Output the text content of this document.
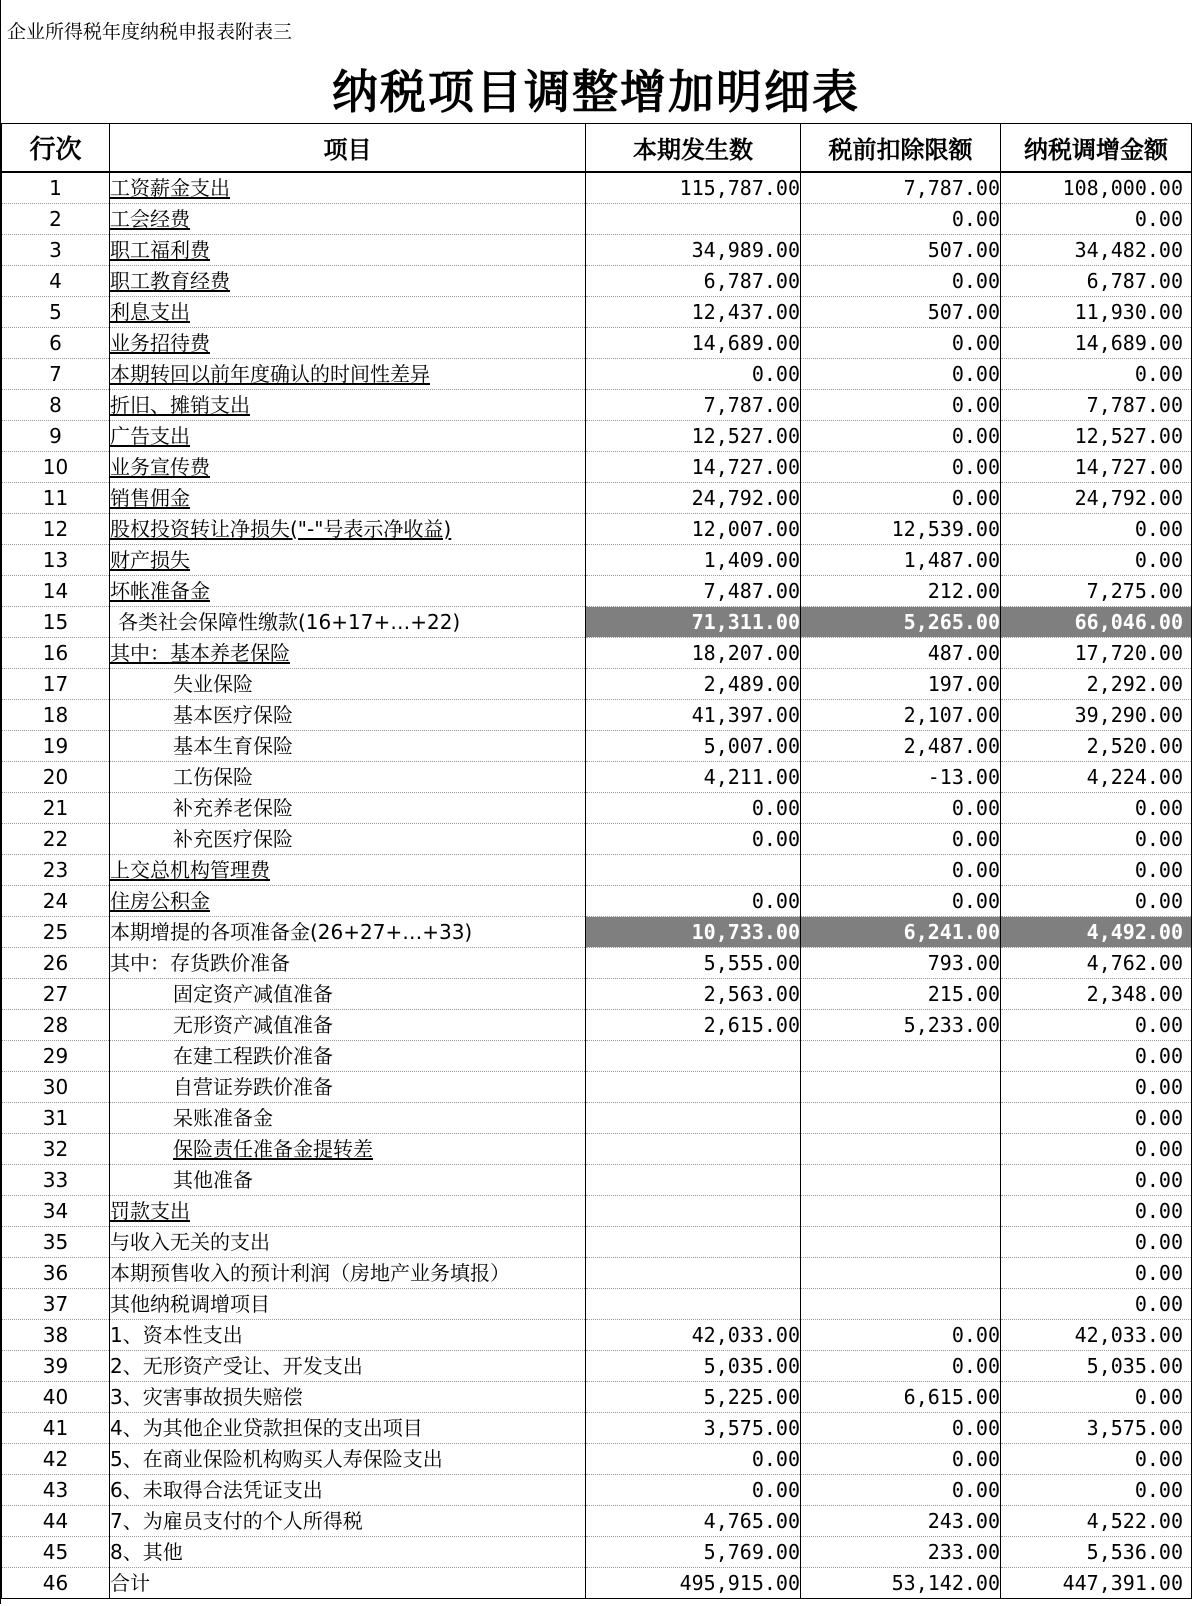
企业所得税年度纳税申报表附表三
纳税项目调整增加明细表
行次	项目	本期发生数	税前扣除限额	纳税调增金额
1	工资薪金支出	115,787.00	7,787.00	108,000.00
2	工会经费		0.00	0.00
3	职工福利费	34,989.00	507.00	34,482.00
4	职工教育经费	6,787.00	0.00	6,787.00
5	利息支出	12,437.00	507.00	11,930.00
6	业务招待费	14,689.00	0.00	14,689.00
7	本期转回以前年度确认的时间性差异	0.00	0.00	0.00
8	折旧、摊销支出	7,787.00	0.00	7,787.00
9	广告支出	12,527.00	0.00	12,527.00
10	业务宣传费	14,727.00	0.00	14,727.00
11	销售佣金	24,792.00	0.00	24,792.00
12	股权投资转让净损失("-"号表示净收益)	12,007.00	12,539.00	0.00
13	财产损失	1,409.00	1,487.00	0.00
14	坏帐准备金	7,487.00	212.00	7,275.00
15	各类社会保障性缴款(16+17+…+22)	71,311.00	5,265.00	66,046.00
16	其中：基本养老保险	18,207.00	487.00	17,720.00
17	失业保险	2,489.00	197.00	2,292.00
18	基本医疗保险	41,397.00	2,107.00	39,290.00
19	基本生育保险	5,007.00	2,487.00	2,520.00
20	工伤保险	4,211.00	-13.00	4,224.00
21	补充养老保险	0.00	0.00	0.00
22	补充医疗保险	0.00	0.00	0.00
23	上交总机构管理费		0.00	0.00
24	住房公积金	0.00	0.00	0.00
25	本期增提的各项准备金(26+27+…+33)	10,733.00	6,241.00	4,492.00
26	其中：存货跌价准备	5,555.00	793.00	4,762.00
27	固定资产减值准备	2,563.00	215.00	2,348.00
28	无形资产减值准备	2,615.00	5,233.00	0.00
29	在建工程跌价准备			0.00
30	自营证券跌价准备			0.00
31	呆账准备金			0.00
32	保险责任准备金提转差			0.00
33	其他准备			0.00
34	罚款支出			0.00
35	与收入无关的支出			0.00
36	本期预售收入的预计利润（房地产业务填报）			0.00
37	其他纳税调增项目			0.00
38	1、资本性支出	42,033.00	0.00	42,033.00
39	2、无形资产受让、开发支出	5,035.00	0.00	5,035.00
40	3、灾害事故损失赔偿	5,225.00	6,615.00	0.00
41	4、为其他企业贷款担保的支出项目	3,575.00	0.00	3,575.00
42	5、在商业保险机构购买人寿保险支出	0.00	0.00	0.00
43	6、未取得合法凭证支出	0.00	0.00	0.00
44	7、为雇员支付的个人所得税	4,765.00	243.00	4,522.00
45	8、其他	5,769.00	233.00	5,536.00
46	合计	495,915.00	53,142.00	447,391.00
